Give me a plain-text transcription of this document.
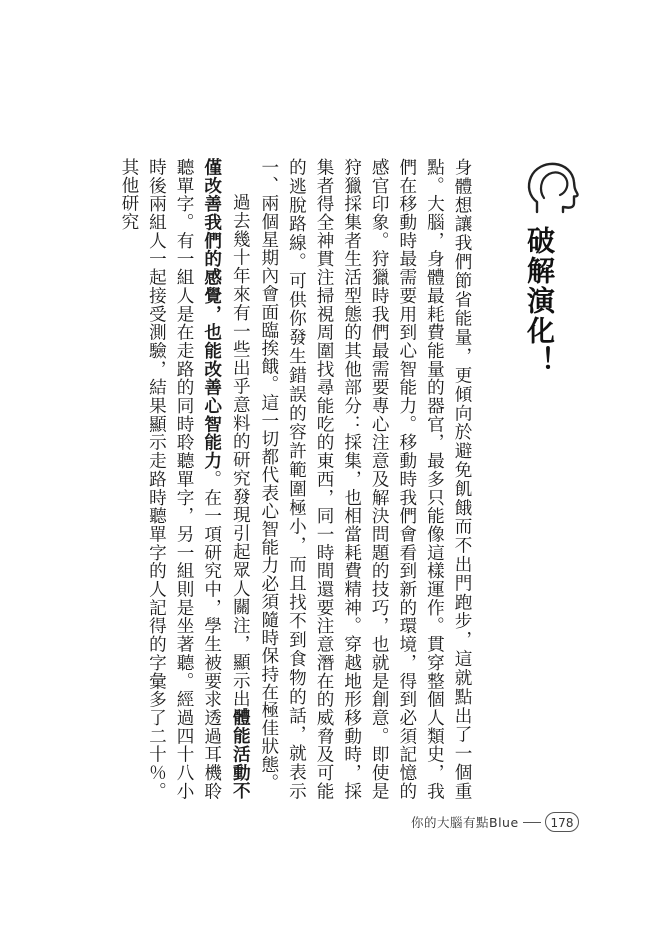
破解演化！

身體想讓我們節省能量，更傾向於避免飢餓而不出門跑步，這就點出了一個重點。大腦，身體最耗費能量的器官，最多只能像這樣運作。貫穿整個人類史，我們在移動時最需要用到心智能力。移動時我們會看到新的環境，得到必須記憶的感官印象。狩獵時我們最需要專心注意及解決問題的技巧，也就是創意。即使是狩獵採集者生活型態的其他部分：採集，也相當耗費精神。穿越地形移動時，採集者得全神貫注掃視周圍找尋能吃的東西，同一時間還要注意潛在的威脅及可能的逃脫路線。可供你發生錯誤的容許範圍極小，而且找不到食物的話，就表示一、兩個星期內會面臨挨餓。這一切都代表心智能力必須隨時保持在極佳狀態。

過去幾十年來有一些出乎意料的研究發現引起眾人關注，顯示出體能活動不僅改善我們的感覺，也能改善心智能力。在一項研究中，學生被要求透過耳機聆聽單字。有一組人是在走路的同時聆聽單字，另一組則是坐著聽。經過四十八小時後兩組人一起接受測驗，結果顯示走路時聽單字的人記得的字彙多了二十％。其他研究

你的大腦有點Blue	178
